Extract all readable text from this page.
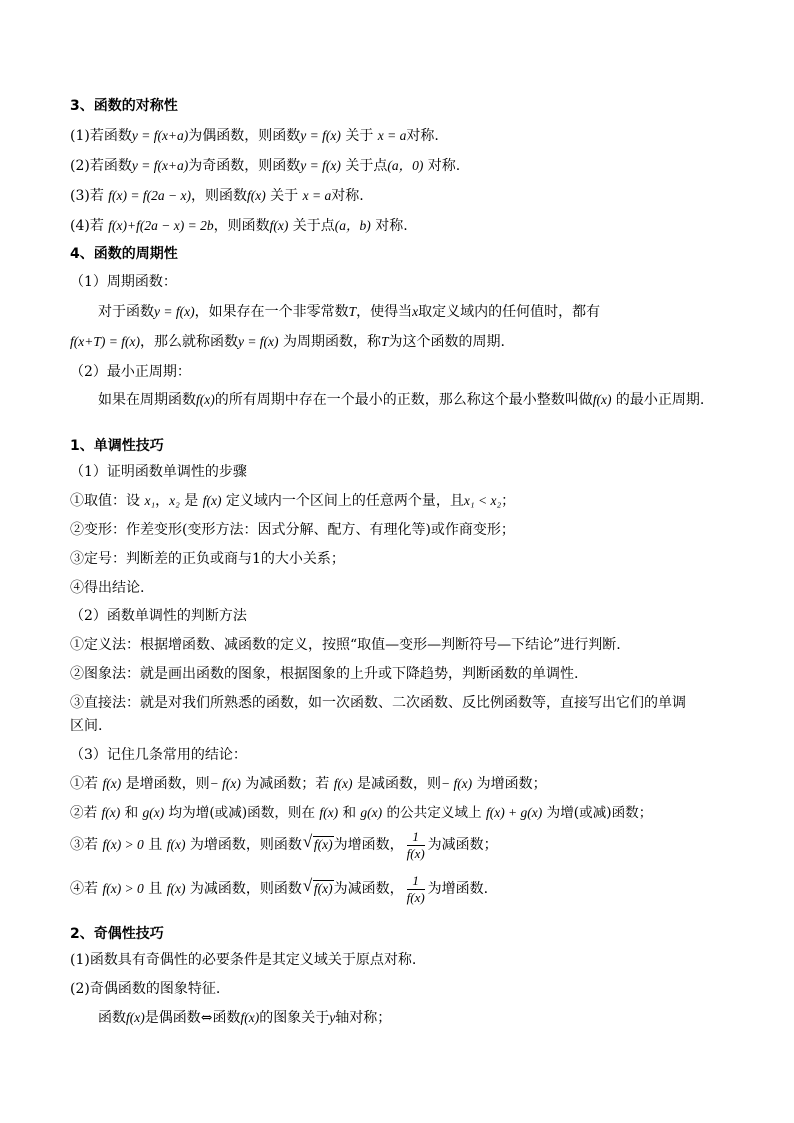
3、函数的对称性
(1)若函数y = f(x+a)为偶函数，则函数y = f(x) 关于 x = a对称.
(2)若函数y = f(x+a)为奇函数，则函数y = f(x) 关于点(a，0) 对称.
(3)若 f(x) = f(2a − x)，则函数f(x) 关于 x = a对称.
(4)若 f(x)+f(2a − x) = 2b，则函数f(x) 关于点(a，b) 对称.
4、函数的周期性
（1）周期函数：
对于函数y = f(x)，如果存在一个非零常数T，使得当x取定义域内的任何值时，都有
f(x+T) = f(x)，那么就称函数y = f(x) 为周期函数，称T为这个函数的周期.
（2）最小正周期：
如果在周期函数f(x)的所有周期中存在一个最小的正数，那么称这个最小整数叫做f(x) 的最小正周期.
1、单调性技巧
（1）证明函数单调性的步骤
①取值：设 x₁，x₂ 是 f(x) 定义域内一个区间上的任意两个量，且x₁ < x₂；
②变形：作差变形(变形方法：因式分解、配方、有理化等)或作商变形；
③定号：判断差的正负或商与1的大小关系；
④得出结论.
（2）函数单调性的判断方法
①定义法：根据增函数、减函数的定义，按照“取值—变形—判断符号—下结论”进行判断.
②图象法：就是画出函数的图象，根据图象的上升或下降趋势，判断函数的单调性.
③直接法：就是对我们所熟悉的函数，如一次函数、二次函数、反比例函数等，直接写出它们的单调
区间.
（3）记住几条常用的结论：
①若 f(x) 是增函数，则− f(x) 为减函数；若 f(x) 是减函数，则− f(x) 为增函数；
②若 f(x) 和 g(x) 均为增(或减)函数，则在 f(x) 和 g(x) 的公共定义域上 f(x) + g(x) 为增(或减)函数；
③若 f(x) > 0 且 f(x) 为增函数，则函数 √ f(x)为增函数， $\frac{1}{f(x)}$ 为减函数；
④若 f(x) > 0 且 f(x) 为减函数，则函数 √ f(x)为减函数， $\frac{1}{f(x)}$ 为增函数.
2、奇偶性技巧
(1)函数具有奇偶性的必要条件是其定义域关于原点对称.
(2)奇偶函数的图象特征.
函数f(x)是偶函数⇔函数f(x)的图象关于y轴对称；
